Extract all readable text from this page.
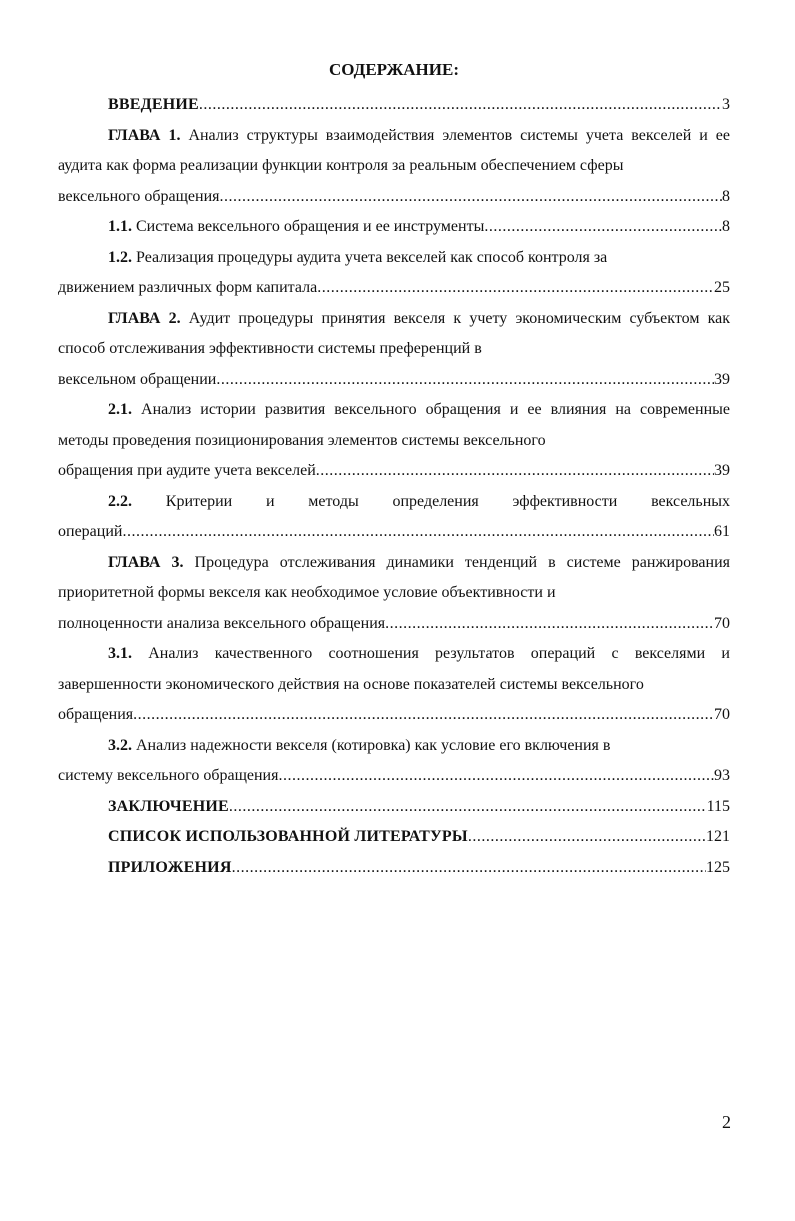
СОДЕРЖАНИЕ:
ВВЕДЕНИЕ .....	3
ГЛАВА 1. Анализ структуры взаимодействия элементов системы учета векселей и ее аудита как форма реализации функции контроля за реальным обеспечением сферы
вексельного обращения .....	8
1.1. Система вексельного обращения и ее инструменты .....	8
1.2. Реализация процедуры аудита учета векселей как способ контроля за
движением различных форм капитала .....	25
ГЛАВА 2. Аудит процедуры принятия векселя к учету экономическим субъектом как способ отслеживания эффективности системы преференций в
вексельном обращении .....	39
2.1. Анализ истории развития вексельного обращения и ее влияния на современные методы проведения позиционирования элементов системы вексельного
обращения при аудите учета векселей .....	39
2.2. Критерии и методы определения эффективности вексельных
операций .....	61
ГЛАВА 3. Процедура отслеживания динамики тенденций в системе ранжирования приоритетной формы векселя как необходимое условие объективности и
полноценности анализа вексельного обращения .....	70
3.1. Анализ качественного соотношения результатов операций с векселями и завершенности экономического действия на основе показателей системы вексельного
обращения .....	70
3.2. Анализ надежности векселя (котировка) как условие его включения в
систему вексельного обращения .....	93
ЗАКЛЮЧЕНИЕ .....	115
СПИСОК ИСПОЛЬЗОВАННОЙ ЛИТЕРАТУРЫ .....	121
ПРИЛОЖЕНИЯ .....	125
2
